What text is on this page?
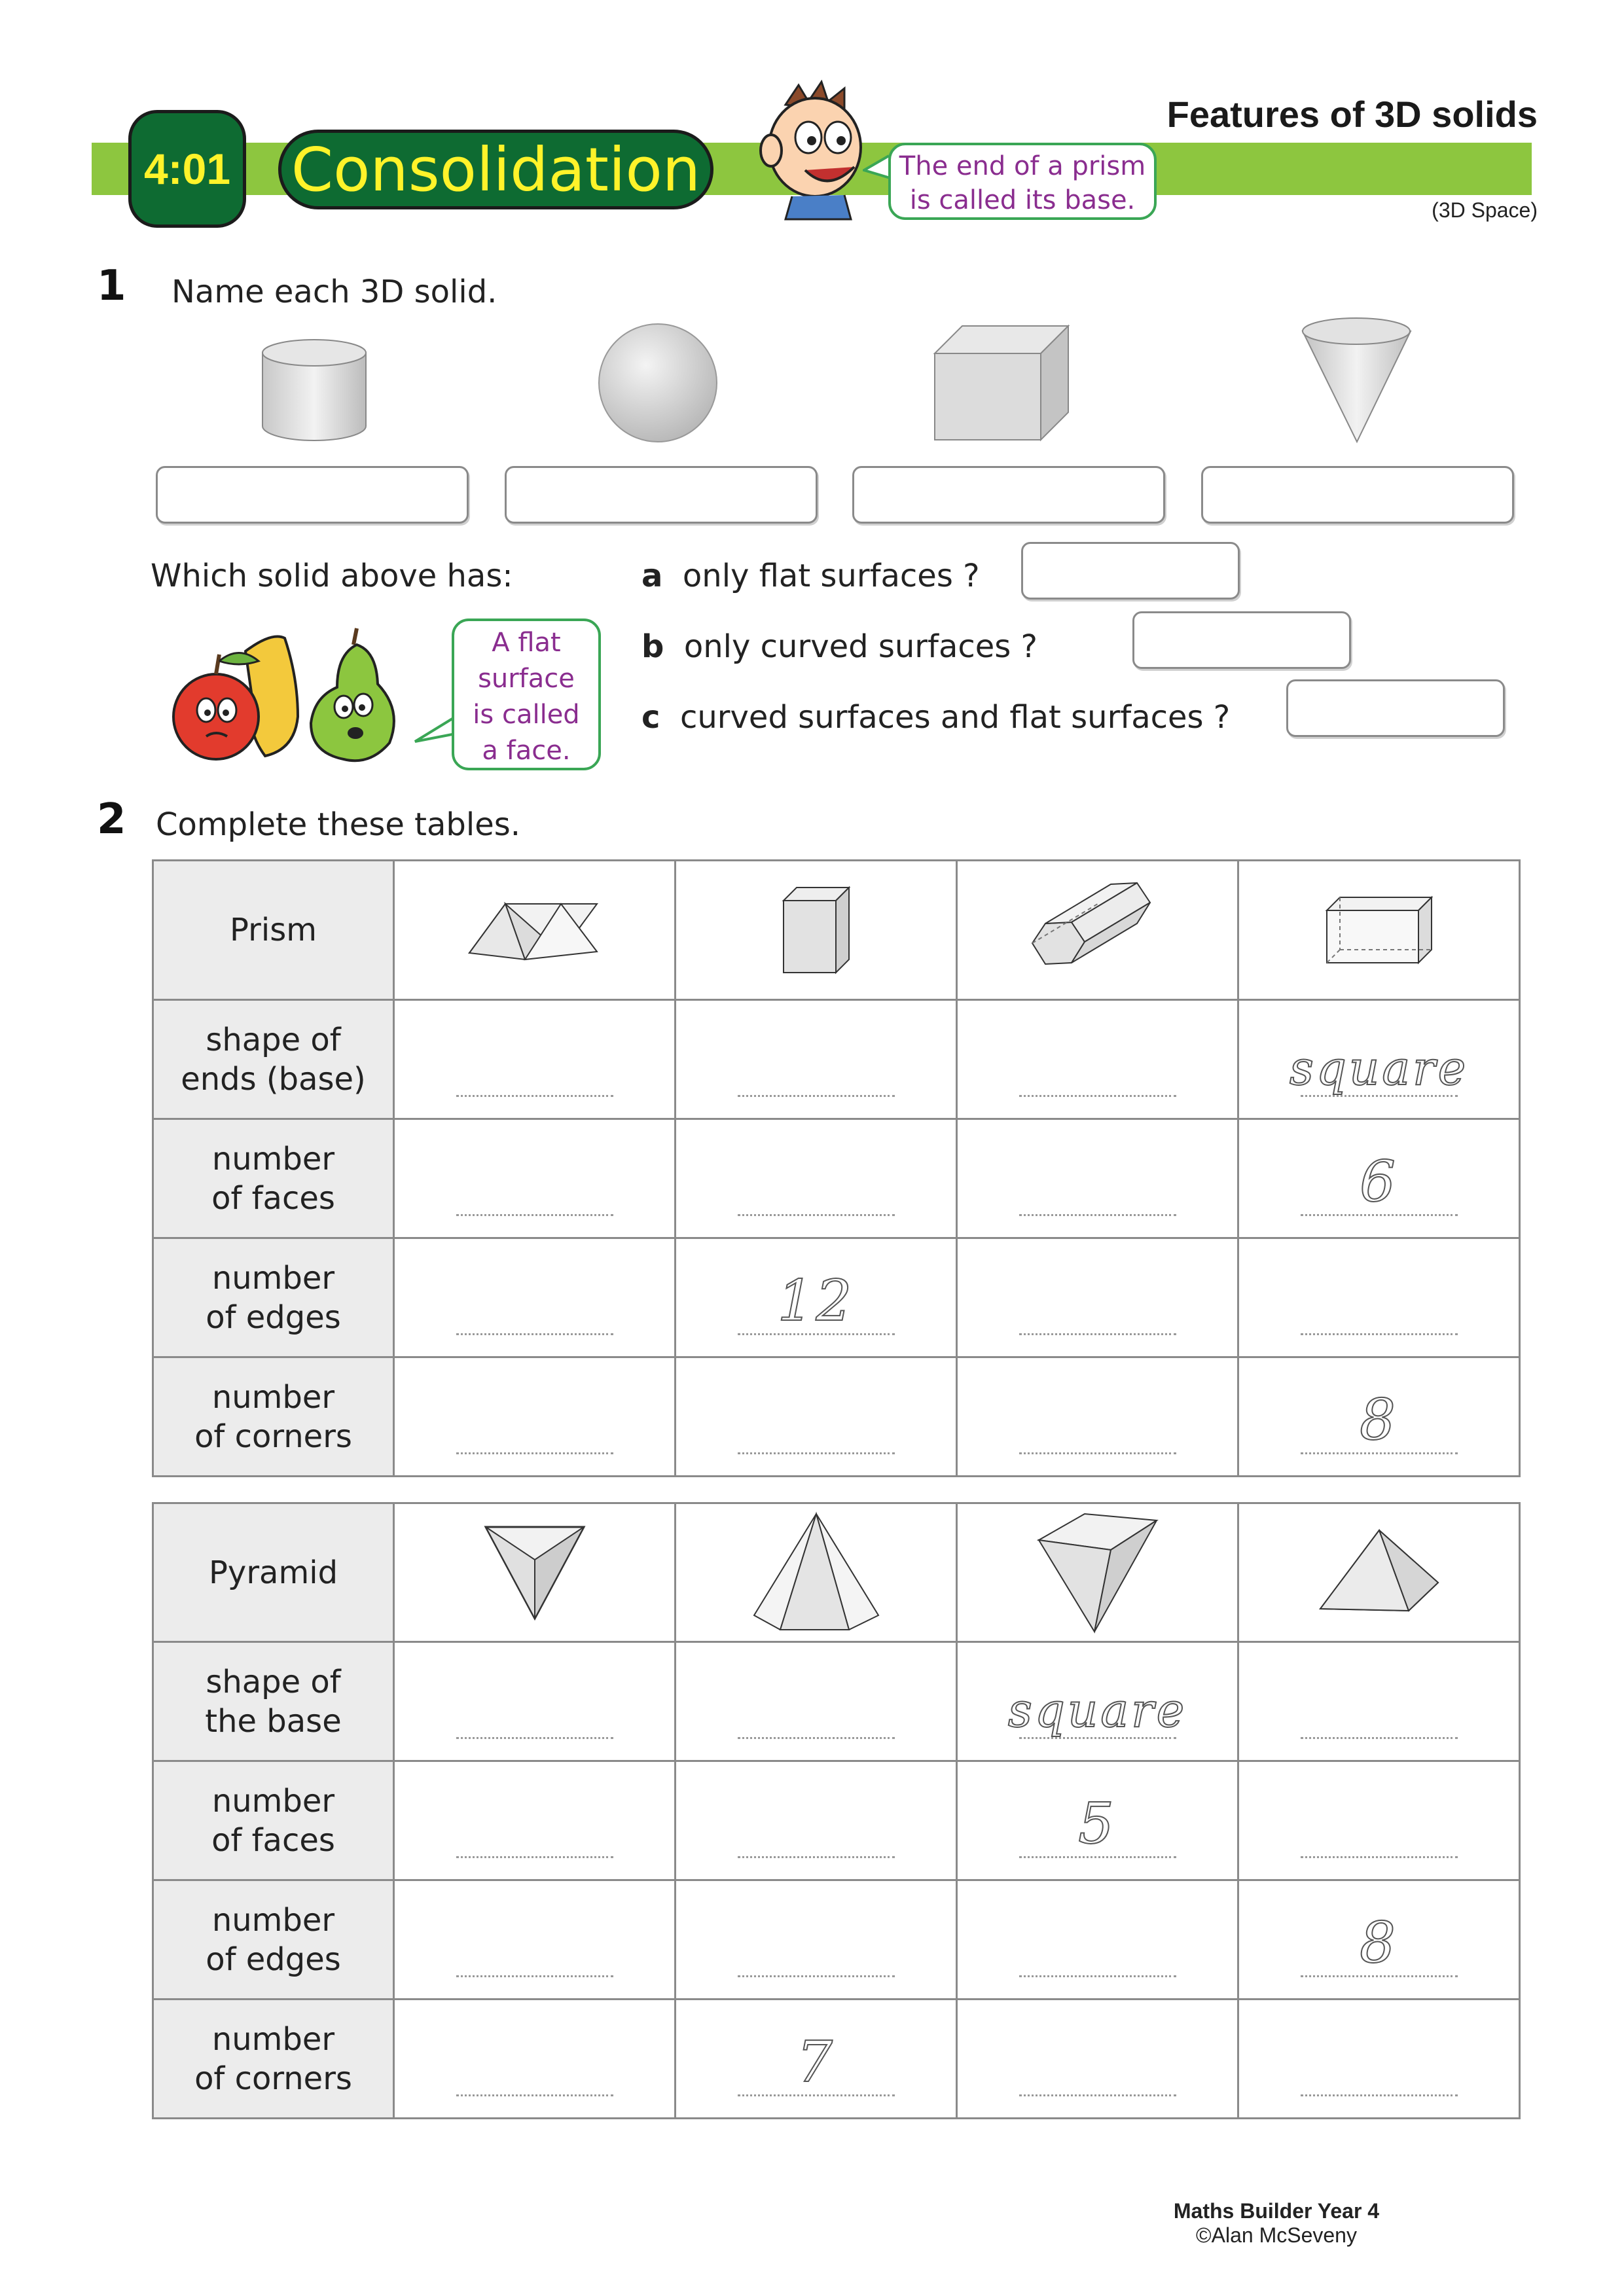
4:01 Consolidation
Features of 3D solids
(3D Space)
The end of a prism
is called its base.
1 Name each 3D solid.
Which solid above has:	a only flat surfaces ?
b only curved surfaces ?
c curved surfaces and flat surfaces ?
A flat
surface
is called
a face.
2 Complete these tables.
Prism	

shape of
ends (base)				square

number
of faces				6

number
of edges		12		

number
of corners				8
Pyramid	

shape of
the base			square	

number
of faces			5	

number
of edges				8

number
of corners		7		

Maths Builder Year 4
©Alan McSeveny
